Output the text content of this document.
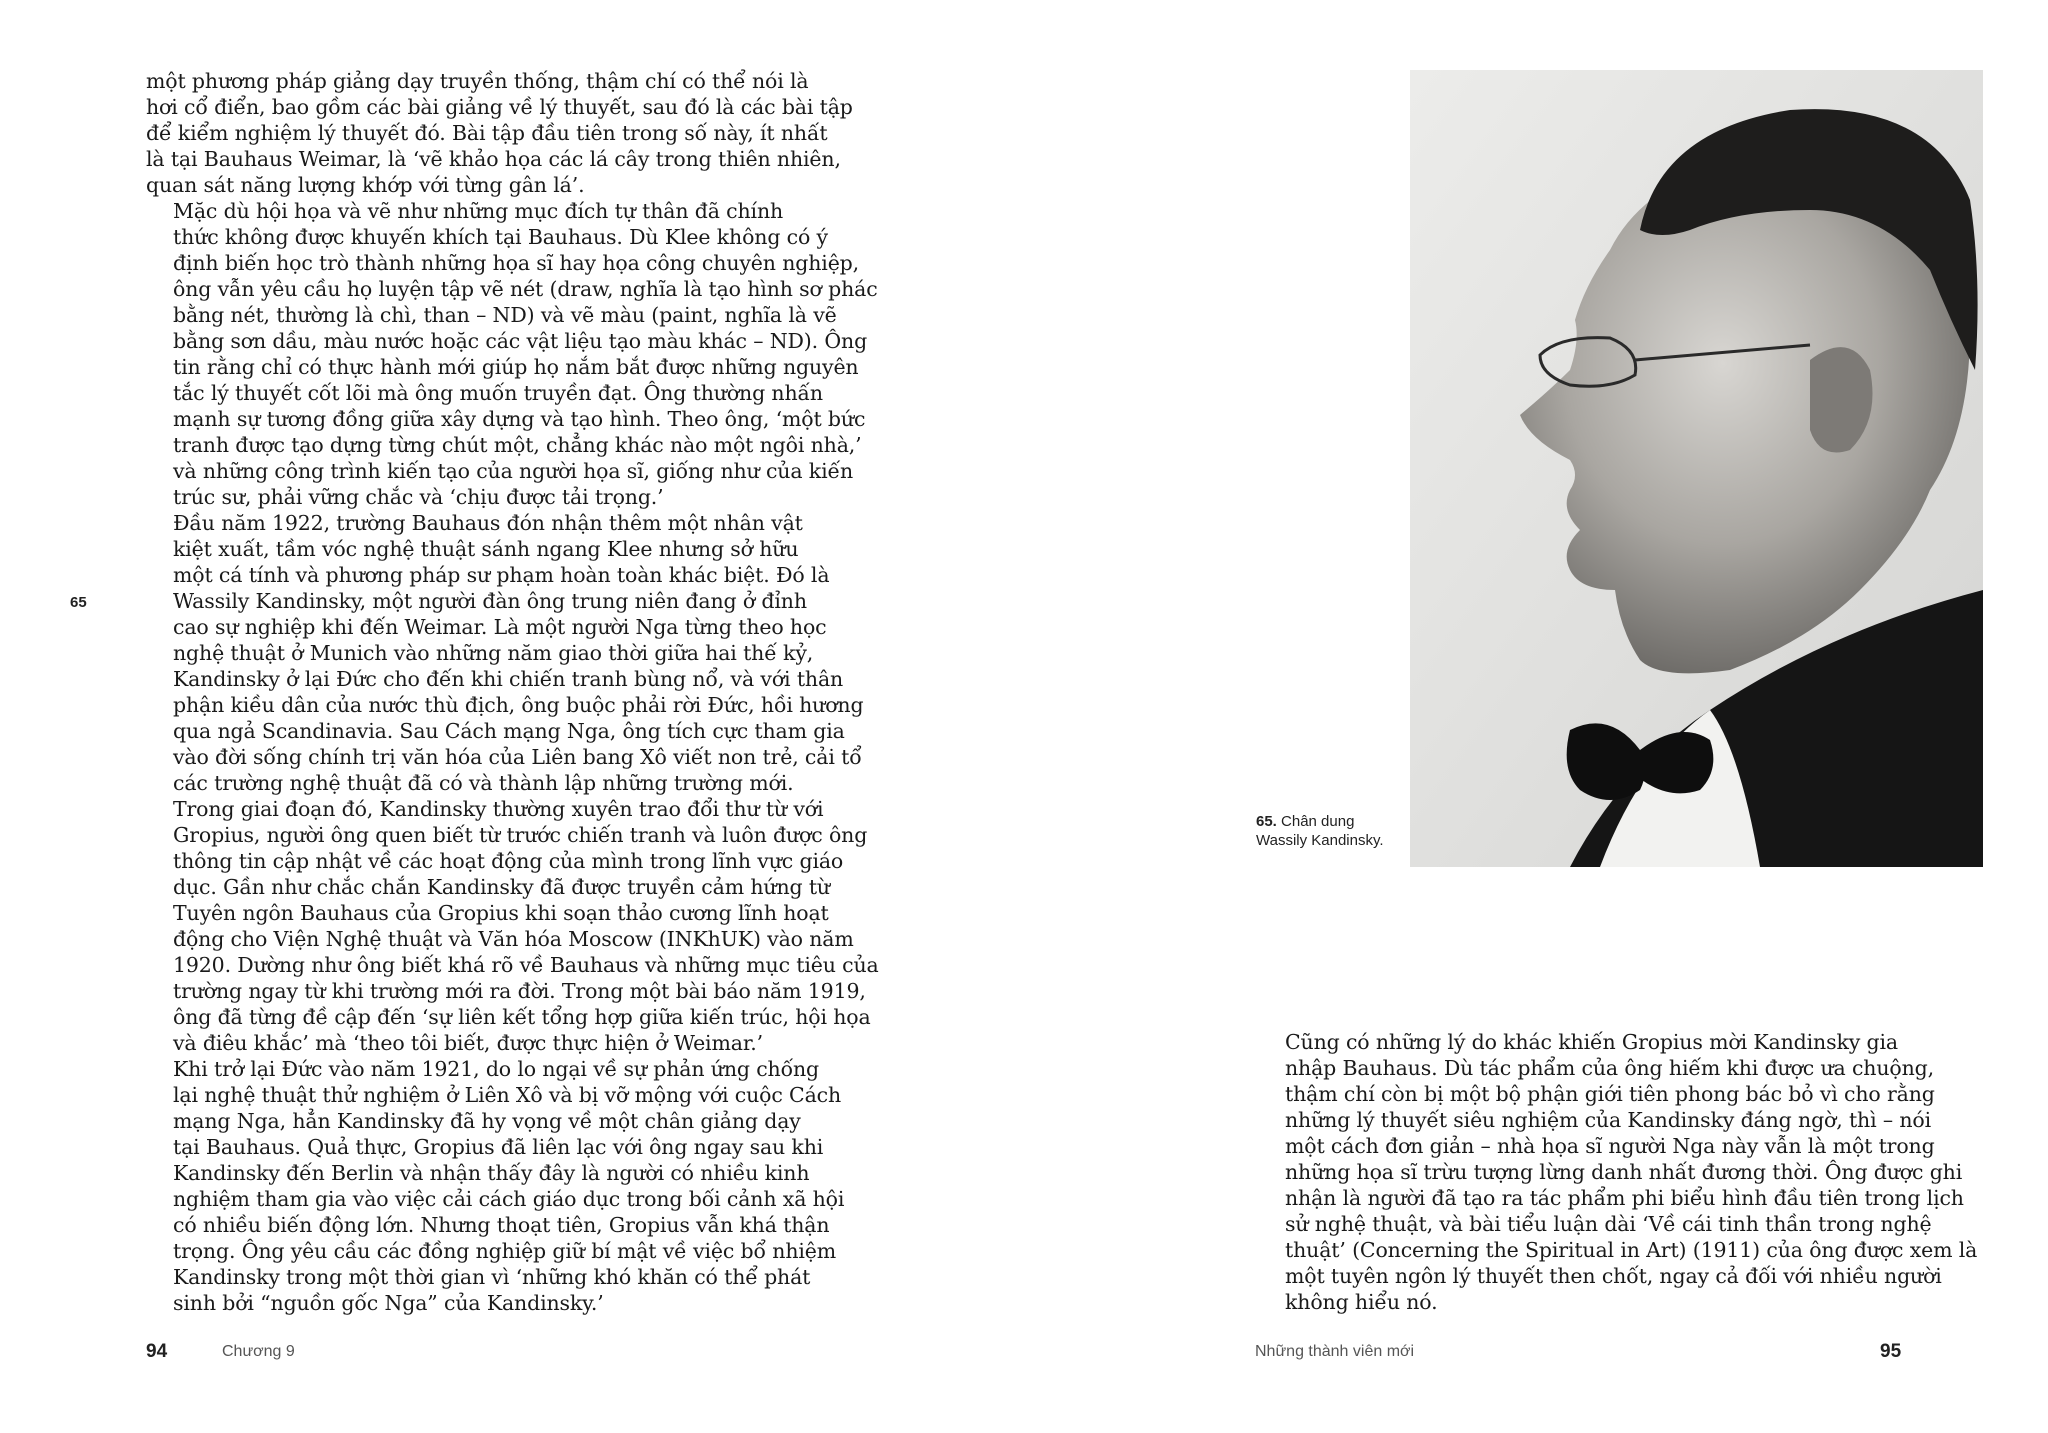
một phương pháp giảng dạy truyền thống, thậm chí có thể nói là
hơi cổ điển, bao gồm các bài giảng về lý thuyết, sau đó là các bài tập
để kiểm nghiệm lý thuyết đó. Bài tập đầu tiên trong số này, ít nhất
là tại Bauhaus Weimar, là ‘vẽ khảo họa các lá cây trong thiên nhiên,
quan sát năng lượng khớp với từng gân lá’.

Mặc dù hội họa và vẽ như những mục đích tự thân đã chính
thức không được khuyến khích tại Bauhaus. Dù Klee không có ý
định biến học trò thành những họa sĩ hay họa công chuyên nghiệp,
ông vẫn yêu cầu họ luyện tập vẽ nét (draw, nghĩa là tạo hình sơ phác
bằng nét, thường là chì, than – ND) và vẽ màu (paint, nghĩa là vẽ
bằng sơn dầu, màu nước hoặc các vật liệu tạo màu khác – ND). Ông
tin rằng chỉ có thực hành mới giúp họ nắm bắt được những nguyên
tắc lý thuyết cốt lõi mà ông muốn truyền đạt. Ông thường nhấn
mạnh sự tương đồng giữa xây dựng và tạo hình. Theo ông, ‘một bức
tranh được tạo dựng từng chút một, chẳng khác nào một ngôi nhà,’
và những công trình kiến tạo của người họa sĩ, giống như của kiến
trúc sư, phải vững chắc và ‘chịu được tải trọng.’

Đầu năm 1922, trường Bauhaus đón nhận thêm một nhân vật
kiệt xuất, tầm vóc nghệ thuật sánh ngang Klee nhưng sở hữu
một cá tính và phương pháp sư phạm hoàn toàn khác biệt. Đó là
Wassily Kandinsky, một người đàn ông trung niên đang ở đỉnh
cao sự nghiệp khi đến Weimar. Là một người Nga từng theo học
nghệ thuật ở Munich vào những năm giao thời giữa hai thế kỷ,
Kandinsky ở lại Đức cho đến khi chiến tranh bùng nổ, và với thân
phận kiều dân của nước thù địch, ông buộc phải rời Đức, hồi hương
qua ngả Scandinavia. Sau Cách mạng Nga, ông tích cực tham gia
vào đời sống chính trị văn hóa của Liên bang Xô viết non trẻ, cải tổ
các trường nghệ thuật đã có và thành lập những trường mới.

Trong giai đoạn đó, Kandinsky thường xuyên trao đổi thư từ với
Gropius, người ông quen biết từ trước chiến tranh và luôn được ông
thông tin cập nhật về các hoạt động của mình trong lĩnh vực giáo
dục. Gần như chắc chắn Kandinsky đã được truyền cảm hứng từ
Tuyên ngôn Bauhaus của Gropius khi soạn thảo cương lĩnh hoạt
động cho Viện Nghệ thuật và Văn hóa Moscow (INKhUK) vào năm
1920. Dường như ông biết khá rõ về Bauhaus và những mục tiêu của
trường ngay từ khi trường mới ra đời. Trong một bài báo năm 1919,
ông đã từng đề cập đến ‘sự liên kết tổng hợp giữa kiến trúc, hội họa
và điêu khắc’ mà ‘theo tôi biết, được thực hiện ở Weimar.’

Khi trở lại Đức vào năm 1921, do lo ngại về sự phản ứng chống
lại nghệ thuật thử nghiệm ở Liên Xô và bị vỡ mộng với cuộc Cách
mạng Nga, hẳn Kandinsky đã hy vọng về một chân giảng dạy
tại Bauhaus. Quả thực, Gropius đã liên lạc với ông ngay sau khi
Kandinsky đến Berlin và nhận thấy đây là người có nhiều kinh
nghiệm tham gia vào việc cải cách giáo dục trong bối cảnh xã hội
có nhiều biến động lớn. Nhưng thoạt tiên, Gropius vẫn khá thận
trọng. Ông yêu cầu các đồng nghiệp giữ bí mật về việc bổ nhiệm
Kandinsky trong một thời gian vì ‘những khó khăn có thể phát
sinh bởi “nguồn gốc Nga” của Kandinsky.’

65
94	Chương 9
65. Chân dung Wassily Kandinsky.

Cũng có những lý do khác khiến Gropius mời Kandinsky gia
nhập Bauhaus. Dù tác phẩm của ông hiếm khi được ưa chuộng,
thậm chí còn bị một bộ phận giới tiên phong bác bỏ vì cho rằng
những lý thuyết siêu nghiệm của Kandinsky đáng ngờ, thì – nói
một cách đơn giản – nhà họa sĩ người Nga này vẫn là một trong
những họa sĩ trừu tượng lừng danh nhất đương thời. Ông được ghi
nhận là người đã tạo ra tác phẩm phi biểu hình đầu tiên trong lịch
sử nghệ thuật, và bài tiểu luận dài ‘Về cái tinh thần trong nghệ
thuật’ (Concerning the Spiritual in Art) (1911) của ông được xem là
một tuyên ngôn lý thuyết then chốt, ngay cả đối với nhiều người
không hiểu nó.

Những thành viên mới	95
